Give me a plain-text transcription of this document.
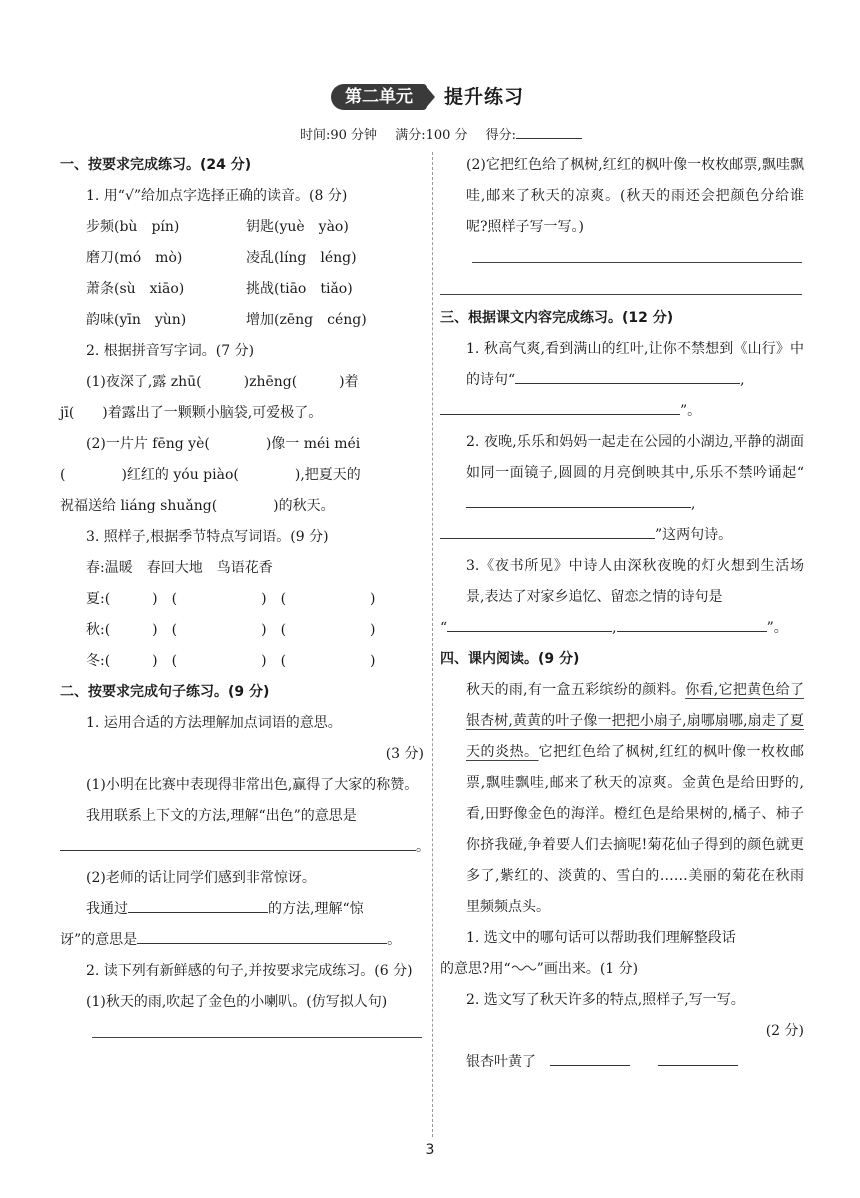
第二单元	提升练习
时间:90 分钟 满分:100 分 得分:
一、按要求完成练习。(24 分)
1. 用“√”给加点字选择正确的读音。(8 分)
步频(bù　pín)	钥匙(yuè　yào)
磨刀(mó　mò)	凌乱(líng　léng)
萧条(sù　xiāo)	挑战(tiāo　tiǎo)
韵味(yīn　yùn)	增加(zēng　céng)
2. 根据拼音写字词。(7 分)
(1)夜深了,露 zhū(　　　)zhēng(　　　)着
jī(　　)着露出了一颗颗小脑袋,可爱极了。
(2)一片片 fēng yè(　　　　)像一 méi méi
(　　　　)红红的 yóu piào(　　　　),把夏天的
祝福送给 liáng shuǎng(　　　　)的秋天。
3. 照样子,根据季节特点写词语。(9 分)
春:温暖　春回大地　鸟语花香
夏:(　　　)　(　　　　　　)　(　　　　　　)
秋:(　　　)　(　　　　　　)　(　　　　　　)
冬:(　　　)　(　　　　　　)　(　　　　　　)
二、按要求完成句子练习。(9 分)
1. 运用合适的方法理解加点词语的意思。
(3 分)
(1)小明在比赛中表现得非常出色,赢得了大家的称赞。
我用联系上下文的方法,理解“出色”的意思是
。
(2)老师的话让同学们感到非常惊讶。
我通过	的方法,理解“惊
讶”的意思是	。
2. 读下列有新鲜感的句子,并按要求完成练习。(6 分)
(1)秋天的雨,吹起了金色的小喇叭。(仿写拟人句)
(2)它把红色给了枫树,红红的枫叶像一枚枚邮票,飘哇飘哇,邮来了秋天的凉爽。(秋天的雨还会把颜色分给谁呢?照样子写一写。)
三、根据课文内容完成练习。(12 分)
1. 秋高气爽,看到满山的红叶,让你不禁想到《山行》中的诗句“	,
”。
2. 夜晚,乐乐和妈妈一起走在公园的小湖边,平静的湖面如同一面镜子,圆圆的月亮倒映其中,乐乐不禁吟诵起“,
”这两句诗。
3.《夜书所见》中诗人由深秋夜晚的灯火想到生活场景,表达了对家乡追忆、留恋之情的诗句是
“	,	”。
四、课内阅读。(9 分)
秋天的雨,有一盒五彩缤纷的颜料。你看,它把黄色给了银杏树,黄黄的叶子像一把把小扇子,扇哪扇哪,扇走了夏天的炎热。它把红色给了枫树,红红的枫叶像一枚枚邮票,飘哇飘哇,邮来了秋天的凉爽。金黄色是给田野的,看,田野像金色的海洋。橙红色是给果树的,橘子、柿子你挤我碰,争着要人们去摘呢!菊花仙子得到的颜色就更多了,紫红的、淡黄的、雪白的……美丽的菊花在秋雨里频频点头。
1. 选文中的哪句话可以帮助我们理解整段话
的意思?用“ ”画出来。(1 分)
2. 选文写了秋天许多的特点,照样子,写一写。
(2 分)
银杏叶黄了　　　
3
